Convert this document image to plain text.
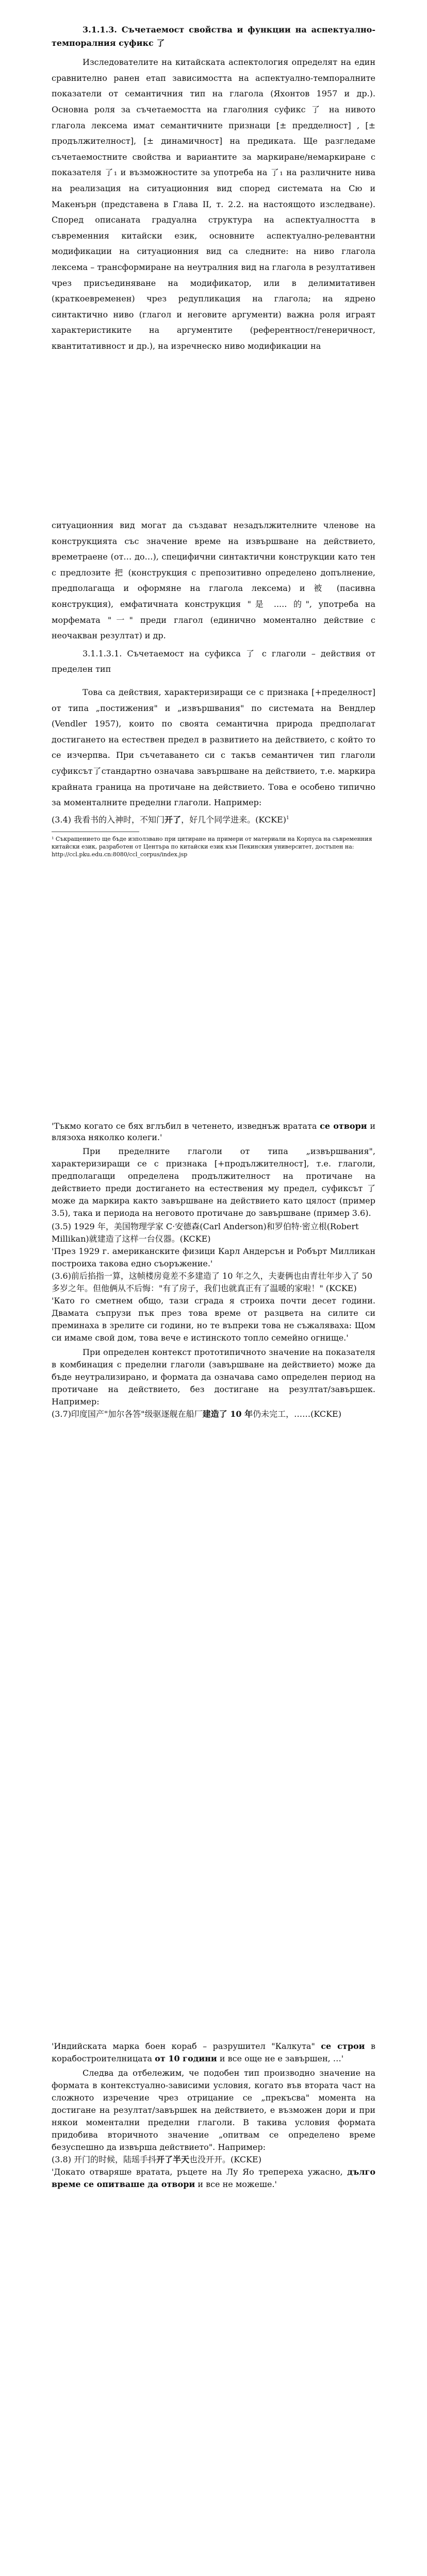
3.1.1.3. Съчетаемост свойства и функции на аспектуално-темпоралния суфикс 了

Изследователите на китайската аспектология определят на един сравнително ранен етап зависимостта на аспектуално-темпоралните показатели от семантичния тип на глагола (Яхонтов 1957 и др.). Основна роля за съчетаемостта на глаголния суфикс 了 на нивото глагола лексема имат семантичните признаци [± предделност] , [± продължителност], [± динамичност] на предиката. Ще разгледаме съчетаемостните свойства и вариантите за маркиране/немаркиране с показателя 了₁ и възможностите за употреба на 了₁ на различните нива на реализация на ситуационния вид според системата на Сю и Макенърн (представена в Глава II, т. 2.2. на настоящото изследване). Според описаната градуална структура на аспектуалността в съвременния китайски език, основните аспектуално-релевантни модификации на ситуационния вид са следните: на ниво глагола лексема – трансформиране на неутралния вид на глагола в резултативен чрез присъединяване на модификатор, или в делимитативен (краткоевременен) чрез редупликация на глагола; на ядрено синтактично ниво (глагол и неговите аргументи) важна роля играят характеристиките на аргументите (референтност/генеричност, квантитативност и др.), на изречнеско ниво модификации на

ситуационния вид могат да създават незадължителните членове на конструкцията със значение време на извършване на действието, времетраене (от… до…), специфични синтактични конструкции като тен с предлозите 把 (конструкция с препозитивно определено допълнение, предполагаща и оформяне на глагола лексема) и 被 (пасивна конструкция), емфатичната конструкция "是 ..... 的", употреба на морфемата "一" преди глагол (единично моментално действие с неочакван резултат) и др.

3.1.1.3.1. Съчетаемост на суфикса 了 с глаголи – действия от пределен тип

Това са действия, характеризиращи се с признака [+пределност] от типа „постижения" и „извършвания" по системата на Вендлер (Vendler 1957), които по своята семантична природа предполагат достигането на естествен предел в развитието на действието, с който то се изчерпва. При съчетаването си с такъв семантичен тип глаголи суфиксът了стандартно означава завършване на действието, т.е. маркира крайната граница на протичане на действието. Това е особено типично за моменталните пределни глаголи. Например:

(3.4) 我看书的入神时，不知门开了，好几个同学进来。(KCKE)$^1$

¹ Съкращението ще бъде използвано при цитиране на примери от материали на Корпуса на съвременния китайски език, разработен от Центъра по китайски език към Пекинския университет, достъпен на: http://ccl.pku.edu.cn:8080/ccl_corpus/index.jsp

'Тъкмо когато се бях вглъбил в четенето, изведнъж вратата се отвори и влязоха няколко колеги.'

При пределните глаголи от типа „извършвания", характеризиращи се с признака [+продължителност], т.е. глаголи, предполагащи определена продължителност на протичане на действието преди достигането на естествения му предел, суфиксът 了 може да маркира както завършване на действието като цялост (пример 3.5), така и периода на неговото протичане до завършване (пример 3.6).

(3.5) 1929 年，美国物理学家 C·安德森(Carl Anderson)和罗伯特·密立根(Robert Millikan)就建造了这样一台仪器。(KCKE)

'През 1929 г. американските физици Карл Андерсън и Робърт Милликан построиха такова едно съоръжение.'

(3.6)前后掐指一算，这帧楼房竟差不多建造了 10 年之久，夫妻俩也由青壮年步入了 50 多岁之年。但他俩从不后悔："有了房子，我们也就真正有了温暖的家啦！" (KCKE)

'Като го сметнем общо, тази сграда я строиха почти десет години. Двамата съпрузи пък през това време от разцвета на силите си преминаха в зрелите си години, но те въпреки това не съжаляваха: Щом си имаме свой дом, това вече е истинското топло семейно огнище.'

При определен контекст прототипичното значение на показателя в комбинация с пределни глаголи (завършване на действието) може да бъде неутрализирано, и формата да означава само определен период на протичане на действието, без достигане на резултат/завършек. Например:

(3.7)印度国产"加尔各答"级驱逐舰在船厂建造了 10 年仍未完工，……(KCKE)

'Индийската марка боен кораб – разрушител "Калкута" се строи в корабостроителницата от 10 години и все още не е завършен, …'

Следва да отбележим, че подобен тип производно значение на формата в контекстуално-зависими условия, когато във втората част на сложното изречение чрез отрицание се „прекъсва" момента на достигане на резултат/завършек на действието, е възможен дори и при някои моментални пределни глаголи. В такива условия формата придобива вторичното значение „опитвам се определено време безуспешно да извърша действието". Например:

(3.8) 开门的时候，陆瑶手抖开了半天也没开开。(KCKE)

'Докато отваряше вратата, ръцете на Лу Яо трепереха ужасно, дълго време се опитваше да отвори и все не можеше.'
